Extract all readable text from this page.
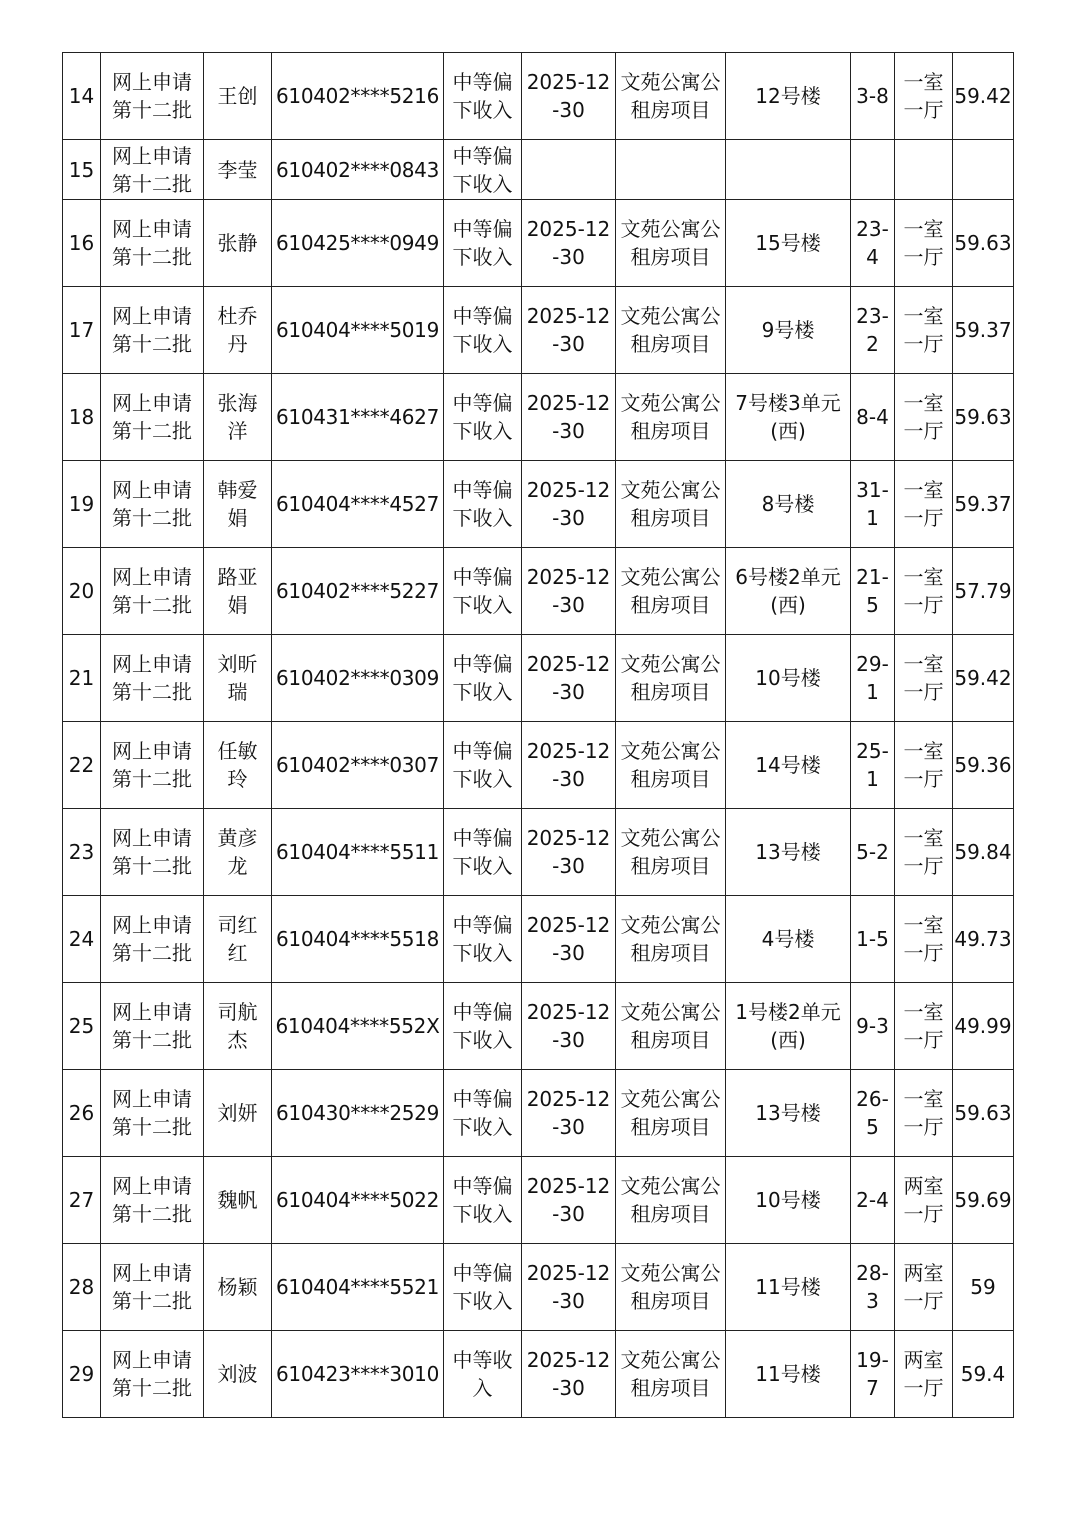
14	网上申请第十二批	王创	610402****5216	中等偏下收入	2025-12-30	文苑公寓公租房项目	12号楼	3-8	一室一厅	59.42
15	网上申请第十二批	李莹	610402****0843	中等偏下收入						
16	网上申请第十二批	张静	610425****0949	中等偏下收入	2025-12-30	文苑公寓公租房项目	15号楼	23-4	一室一厅	59.63
17	网上申请第十二批	杜乔丹	610404****5019	中等偏下收入	2025-12-30	文苑公寓公租房项目	9号楼	23-2	一室一厅	59.37
18	网上申请第十二批	张海洋	610431****4627	中等偏下收入	2025-12-30	文苑公寓公租房项目	7号楼3单元(西)	8-4	一室一厅	59.63
19	网上申请第十二批	韩爱娟	610404****4527	中等偏下收入	2025-12-30	文苑公寓公租房项目	8号楼	31-1	一室一厅	59.37
20	网上申请第十二批	路亚娟	610402****5227	中等偏下收入	2025-12-30	文苑公寓公租房项目	6号楼2单元(西)	21-5	一室一厅	57.79
21	网上申请第十二批	刘昕瑞	610402****0309	中等偏下收入	2025-12-30	文苑公寓公租房项目	10号楼	29-1	一室一厅	59.42
22	网上申请第十二批	任敏玲	610402****0307	中等偏下收入	2025-12-30	文苑公寓公租房项目	14号楼	25-1	一室一厅	59.36
23	网上申请第十二批	黄彦龙	610404****5511	中等偏下收入	2025-12-30	文苑公寓公租房项目	13号楼	5-2	一室一厅	59.84
24	网上申请第十二批	司红红	610404****5518	中等偏下收入	2025-12-30	文苑公寓公租房项目	4号楼	1-5	一室一厅	49.73
25	网上申请第十二批	司航杰	610404****552X	中等偏下收入	2025-12-30	文苑公寓公租房项目	1号楼2单元(西)	9-3	一室一厅	49.99
26	网上申请第十二批	刘妍	610430****2529	中等偏下收入	2025-12-30	文苑公寓公租房项目	13号楼	26-5	一室一厅	59.63
27	网上申请第十二批	魏帆	610404****5022	中等偏下收入	2025-12-30	文苑公寓公租房项目	10号楼	2-4	两室一厅	59.69
28	网上申请第十二批	杨颖	610404****5521	中等偏下收入	2025-12-30	文苑公寓公租房项目	11号楼	28-3	两室一厅	59
29	网上申请第十二批	刘波	610423****3010	中等收入	2025-12-30	文苑公寓公租房项目	11号楼	19-7	两室一厅	59.4
